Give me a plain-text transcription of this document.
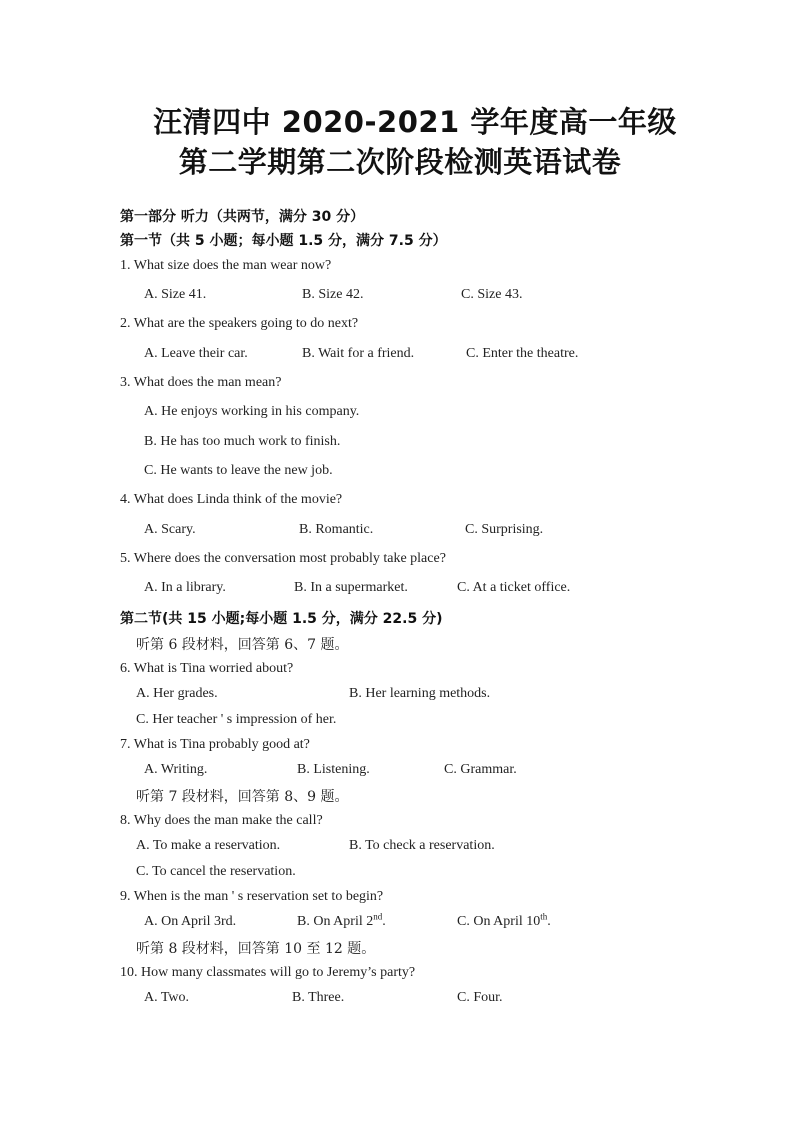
汪清四中 2020-2021 学年度高一年级
第二学期第二次阶段检测英语试卷
第一部分 听力（共两节，满分 30 分）
第一节（共 5 小题；每小题 1.5 分，满分 7.5 分）
1. What size does the man wear now?
A. Size 41.	B. Size 42.	C. Size 43.
2. What are the speakers going to do next?
A. Leave their car.	B. Wait for a friend.	C. Enter the theatre.
3. What does the man mean?
A. He enjoys working in his company.
B. He has too much work to finish.
C. He wants to leave the new job.
4. What does Linda think of the movie?
A. Scary.	B. Romantic.	C. Surprising.
5. Where does the conversation most probably take place?
A. In a library.	B. In a supermarket.	C. At a ticket office.
第二节(共 15 小题;每小题 1.5 分，满分 22.5 分)
听第 6 段材料，回答第 6、7 题。
6. What is Tina worried about?
A. Her grades.	B. Her learning methods.
C. Her teacher ' s impression of her.
7. What is Tina probably good at?
A. Writing.	B. Listening.	C. Grammar.
听第 7 段材料，回答第 8、9 题。
8. Why does the man make the call?
A. To make a reservation.	B. To check a reservation.
C. To cancel the reservation.
9. When is the man ' s reservation set to begin?
A. On April 3rd.	B. On April 2nd.	C. On April 10th.
听第 8 段材料，回答第 10 至 12 题。
10. How many classmates will go to Jeremy’s party?
A. Two.	B. Three.	C. Four.
